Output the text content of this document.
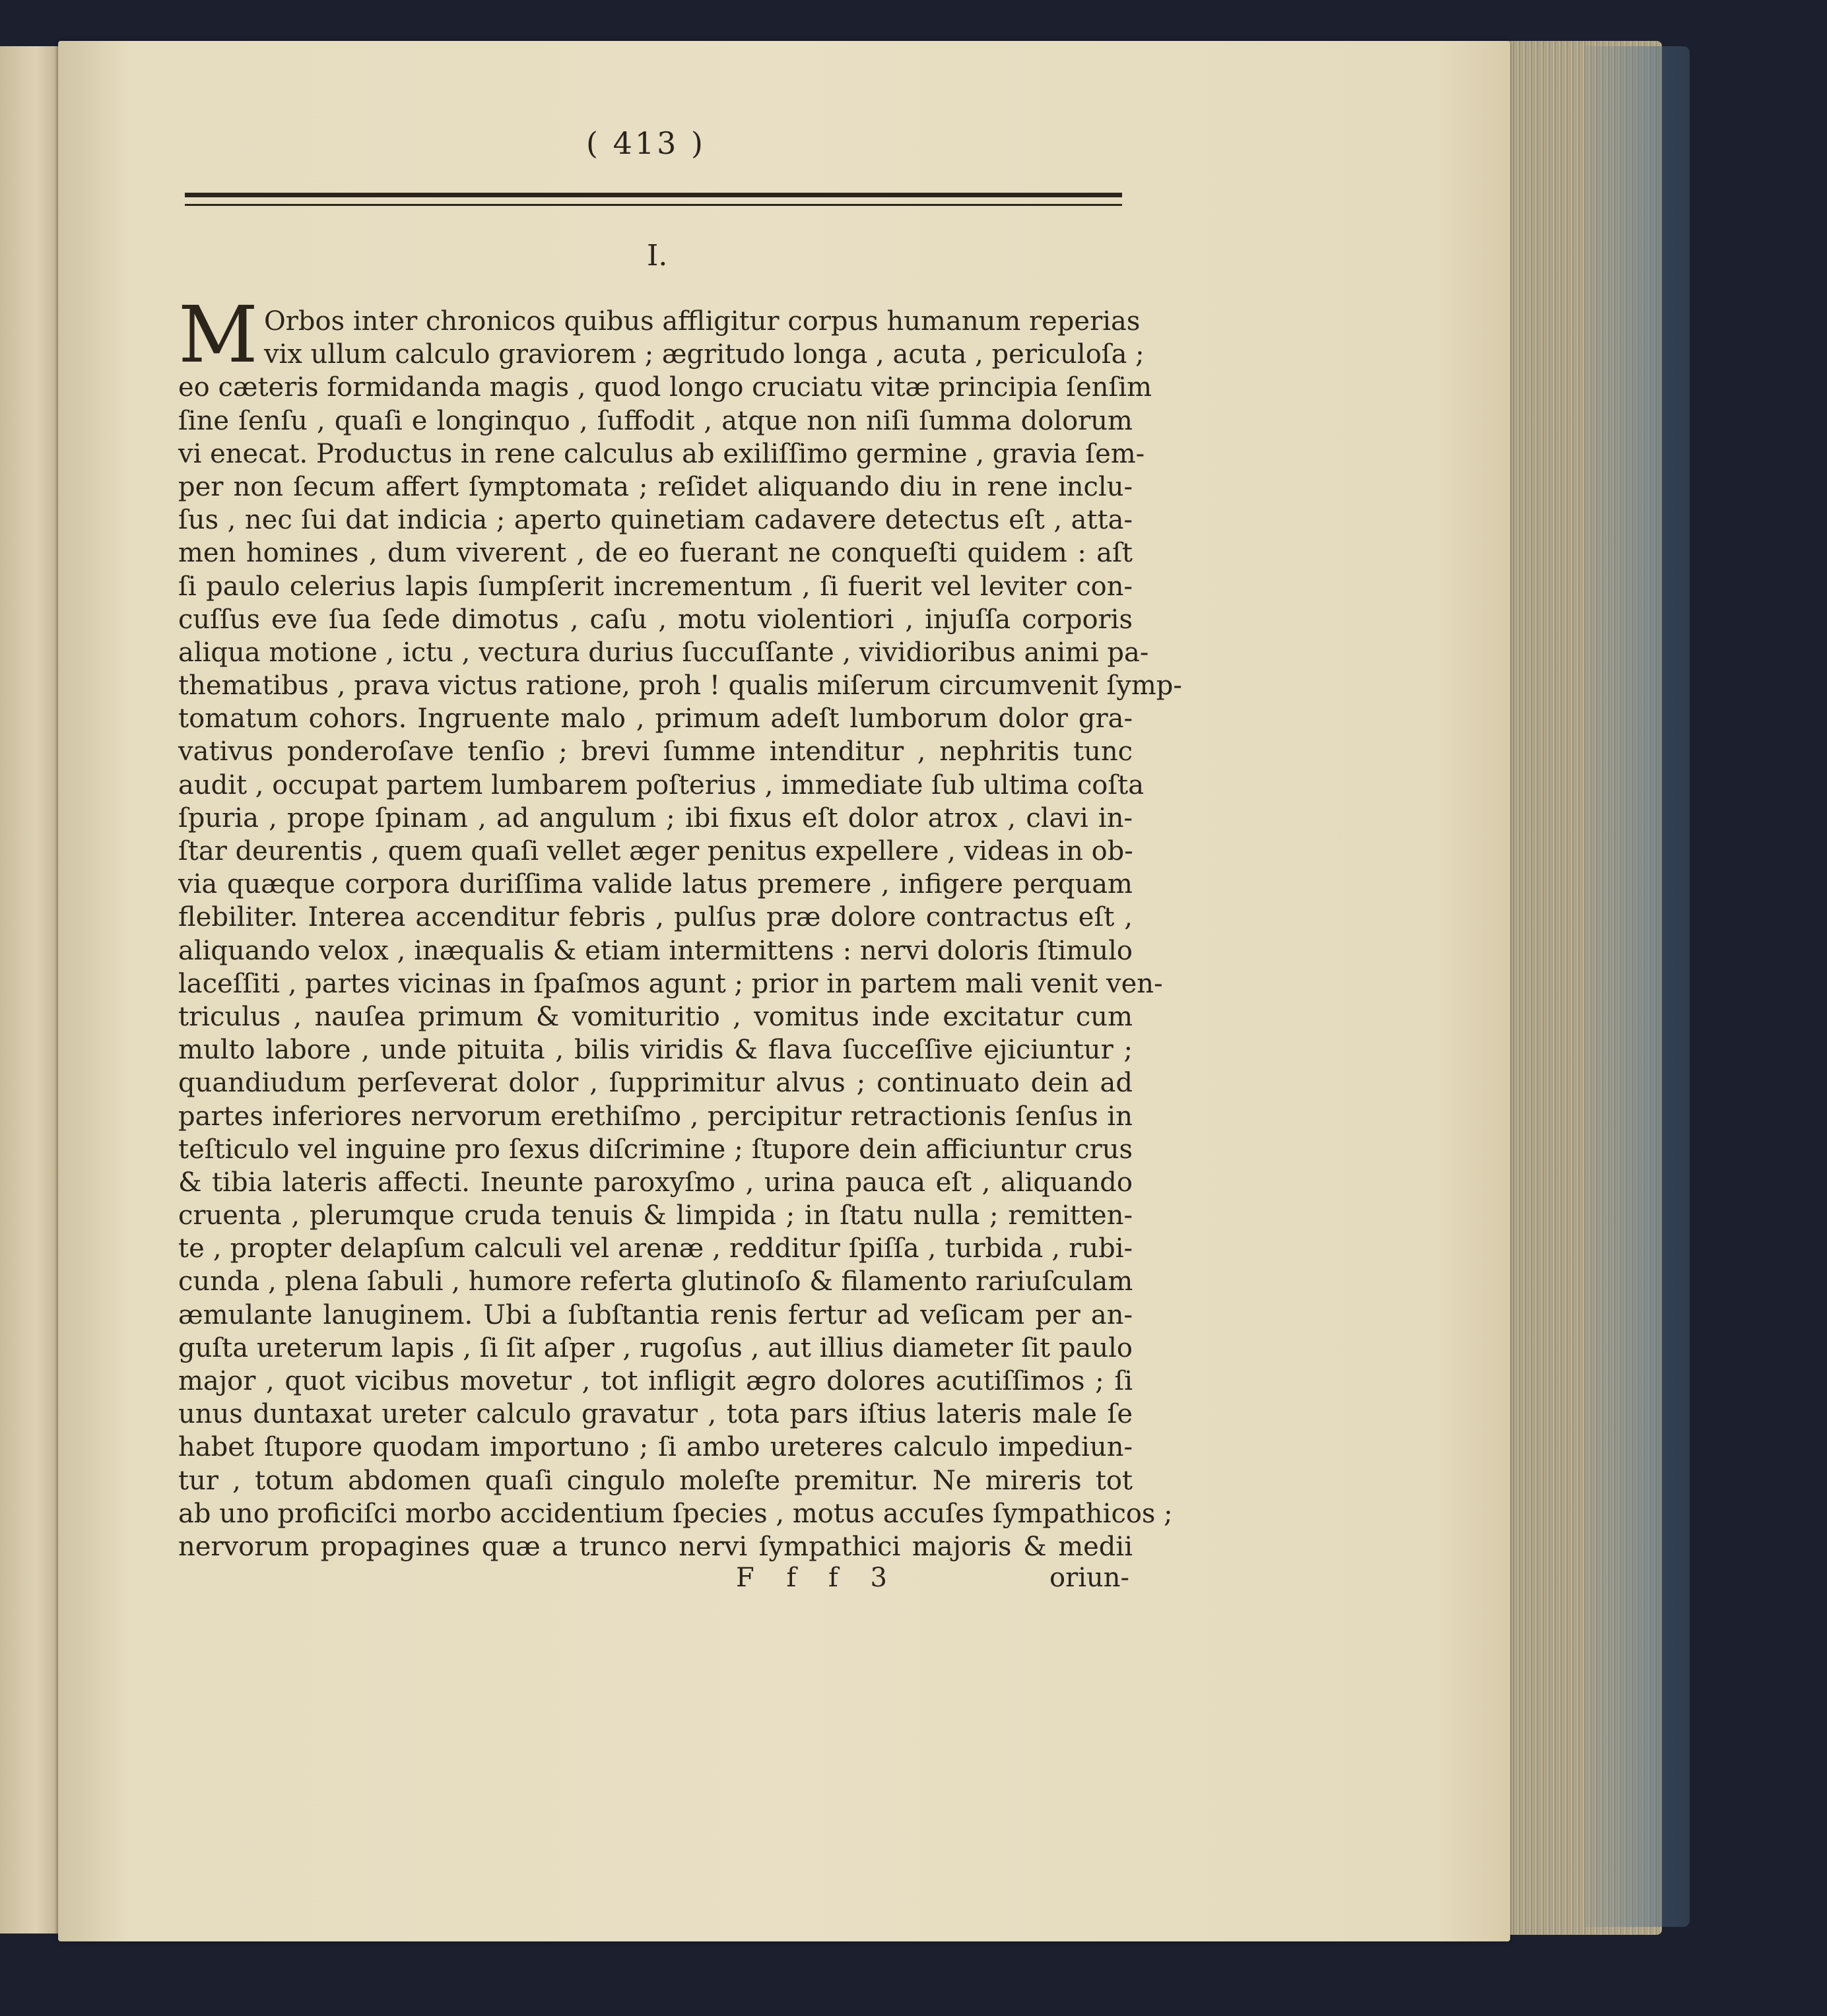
( 413 )
I.
M Orbos inter chronicos quibus affligitur corpus humanum reperias
vix ullum calculo graviorem ; ægritudo longa , acuta , periculoſa ;
eo cæteris formidanda magis , quod longo cruciatu vitæ principia ſenſim
ſine ſenſu , quaſi e longinquo , ſuffodit , atque non niſi ſumma dolorum
vi enecat. Productus in rene calculus ab exiliſſimo germine , gravia ſem-
per non ſecum affert ſymptomata ; reſidet aliquando diu in rene inclu-
ſus , nec ſui dat indicia ; aperto quinetiam cadavere detectus eſt , atta-
men homines , dum viverent , de eo fuerant ne conqueſti quidem : aſt
ſi paulo celerius lapis ſumpſerit incrementum , ſi fuerit vel leviter con-
cuſſus eve ſua ſede dimotus , caſu , motu violentiori , injuſſa corporis
aliqua motione , ictu , vectura durius ſuccuſſante , vividioribus animi pa-
thematibus , prava victus ratione, proh ! qualis miſerum circumvenit ſymp-
tomatum cohors. Ingruente malo , primum adeſt lumborum dolor gra-
vativus ponderoſave tenſio ; brevi ſumme intenditur , nephritis tunc
audit , occupat partem lumbarem poſterius , immediate ſub ultima coſta
ſpuria , prope ſpinam , ad angulum ; ibi fixus eſt dolor atrox , clavi in-
ſtar deurentis , quem quaſi vellet æger penitus expellere , videas in ob-
via quæque corpora duriſſima valide latus premere , infigere perquam
flebiliter. Interea accenditur febris , pulſus præ dolore contractus eſt ,
aliquando velox , inæqualis & etiam intermittens : nervi doloris ſtimulo
laceſſiti , partes vicinas in ſpaſmos agunt ; prior in partem mali venit ven-
triculus , nauſea primum & vomituritio , vomitus inde excitatur cum
multo labore , unde pituita , bilis viridis & flava ſucceſſive ejiciuntur ;
quandiudum perſeverat dolor , ſupprimitur alvus ; continuato dein ad
partes inferiores nervorum erethiſmo , percipitur retractionis ſenſus in
teſticulo vel inguine pro ſexus diſcrimine ; ſtupore dein afficiuntur crus
& tibia lateris affecti. Ineunte paroxyſmo , urina pauca eſt , aliquando
cruenta , plerumque cruda tenuis & limpida ; in ſtatu nulla ; remitten-
te , propter delapſum calculi vel arenæ , redditur ſpiſſa , turbida , rubi-
cunda , plena ſabuli , humore referta glutinoſo & filamento rariuſculam
æmulante lanuginem. Ubi a ſubſtantia renis fertur ad veſicam per an-
guſta ureterum lapis , ſi ſit aſper , rugoſus , aut illius diameter ſit paulo
major , quot vicibus movetur , tot infligit ægro dolores acutiſſimos ; ſi
unus duntaxat ureter calculo gravatur , tota pars iſtius lateris male ſe
habet ſtupore quodam importuno ; ſi ambo ureteres calculo impediun-
tur , totum abdomen quaſi cingulo moleſte premitur. Ne mireris tot
ab uno proficiſci morbo accidentium ſpecies , motus accuſes ſympathicos ;
nervorum propagines quæ a trunco nervi ſympathici majoris & medii
F f f 3	oriun-
